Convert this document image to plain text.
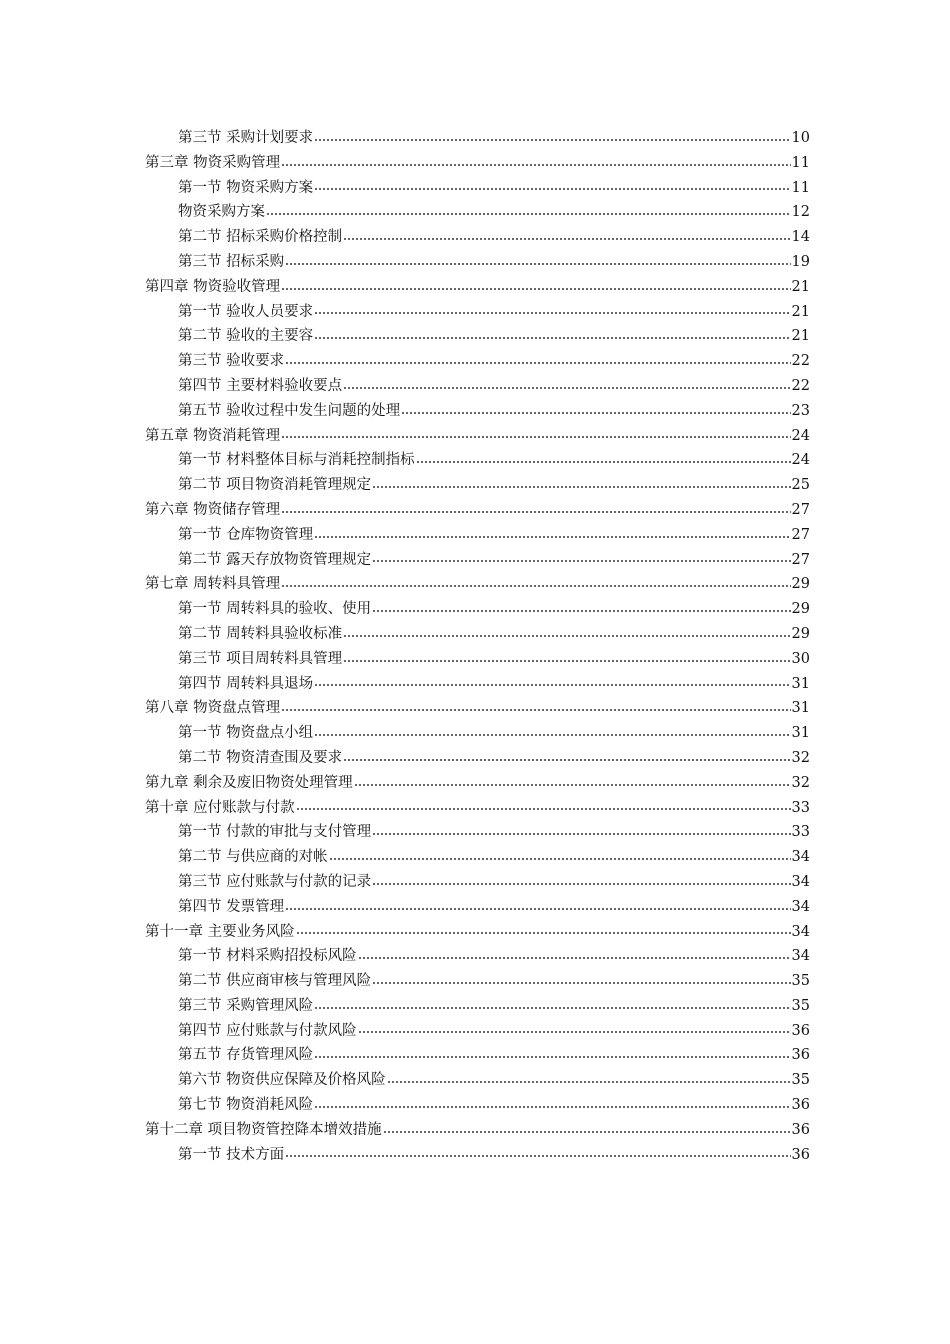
第三节 采购计划要求	10
第三章 物资采购管理	11
第一节 物资采购方案	11
物资采购方案	12
第二节 招标采购价格控制	14
第三节 招标采购	19
第四章 物资验收管理	21
第一节 验收人员要求	21
第二节 验收的主要容	21
第三节 验收要求	22
第四节 主要材料验收要点	22
第五节 验收过程中发生问题的处理	23
第五章 物资消耗管理	24
第一节 材料整体目标与消耗控制指标	24
第二节 项目物资消耗管理规定	25
第六章 物资储存管理	27
第一节 仓库物资管理	27
第二节 露天存放物资管理规定	27
第七章 周转料具管理	29
第一节 周转料具的验收、使用	29
第二节 周转料具验收标准	29
第三节 项目周转料具管理	30
第四节 周转料具退场	31
第八章 物资盘点管理	31
第一节 物资盘点小组	31
第二节 物资清查围及要求	32
第九章 剩余及废旧物资处理管理	32
第十章 应付账款与付款	33
第一节 付款的审批与支付管理	33
第二节 与供应商的对帐	34
第三节 应付账款与付款的记录	34
第四节 发票管理	34
第十一章 主要业务风险	34
第一节 材料采购招投标风险	34
第二节 供应商审核与管理风险	35
第三节 采购管理风险	35
第四节 应付账款与付款风险	36
第五节 存货管理风险	36
第六节 物资供应保障及价格风险	35
第七节 物资消耗风险	36
第十二章 项目物资管控降本增效措施	36
第一节 技术方面	36
